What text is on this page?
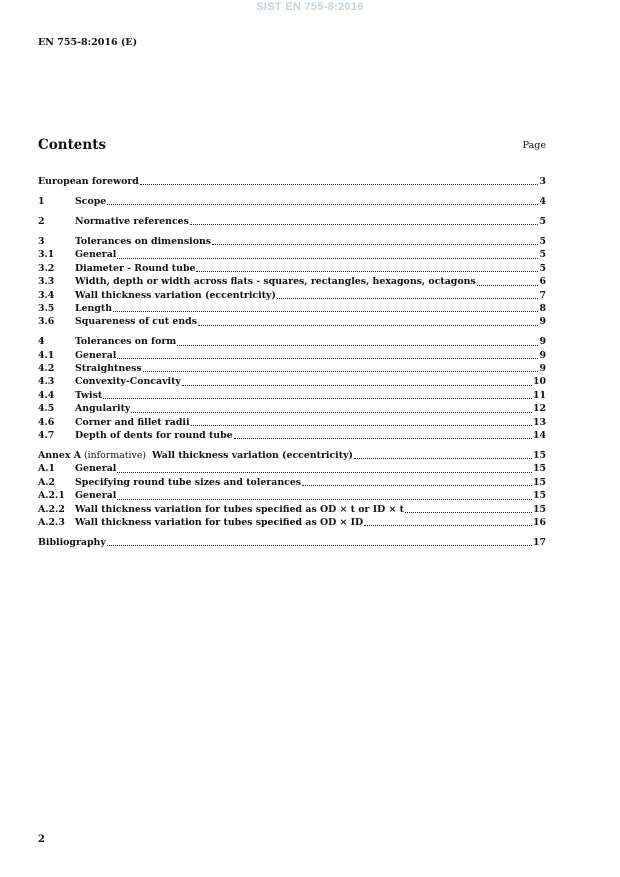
SIST EN 755-8:2016
EN 755-8:2016 (E)
Contents	Page
European foreword	3
1	Scope	4
2	Normative references	5
3	Tolerances on dimensions	5
3.1	General	5
3.2	Diameter - Round tube	5
3.3	Width, depth or width across flats - squares, rectangles, hexagons, octagons	6
3.4	Wall thickness variation (eccentricity)	7
3.5	Length	8
3.6	Squareness of cut ends	9
4	Tolerances on form	9
4.1	General	9
4.2	Straightness	9
4.3	Convexity-Concavity	10
4.4	Twist	11
4.5	Angularity	12
4.6	Corner and fillet radii	13
4.7	Depth of dents for round tube	14
Annex A (informative) Wall thickness variation (eccentricity)	15
A.1	General	15
A.2	Specifying round tube sizes and tolerances	15
A.2.1	General	15
A.2.2	Wall thickness variation for tubes specified as OD × t or ID × t	15
A.2.3	Wall thickness variation for tubes specified as OD × ID	16
Bibliography	17
2
